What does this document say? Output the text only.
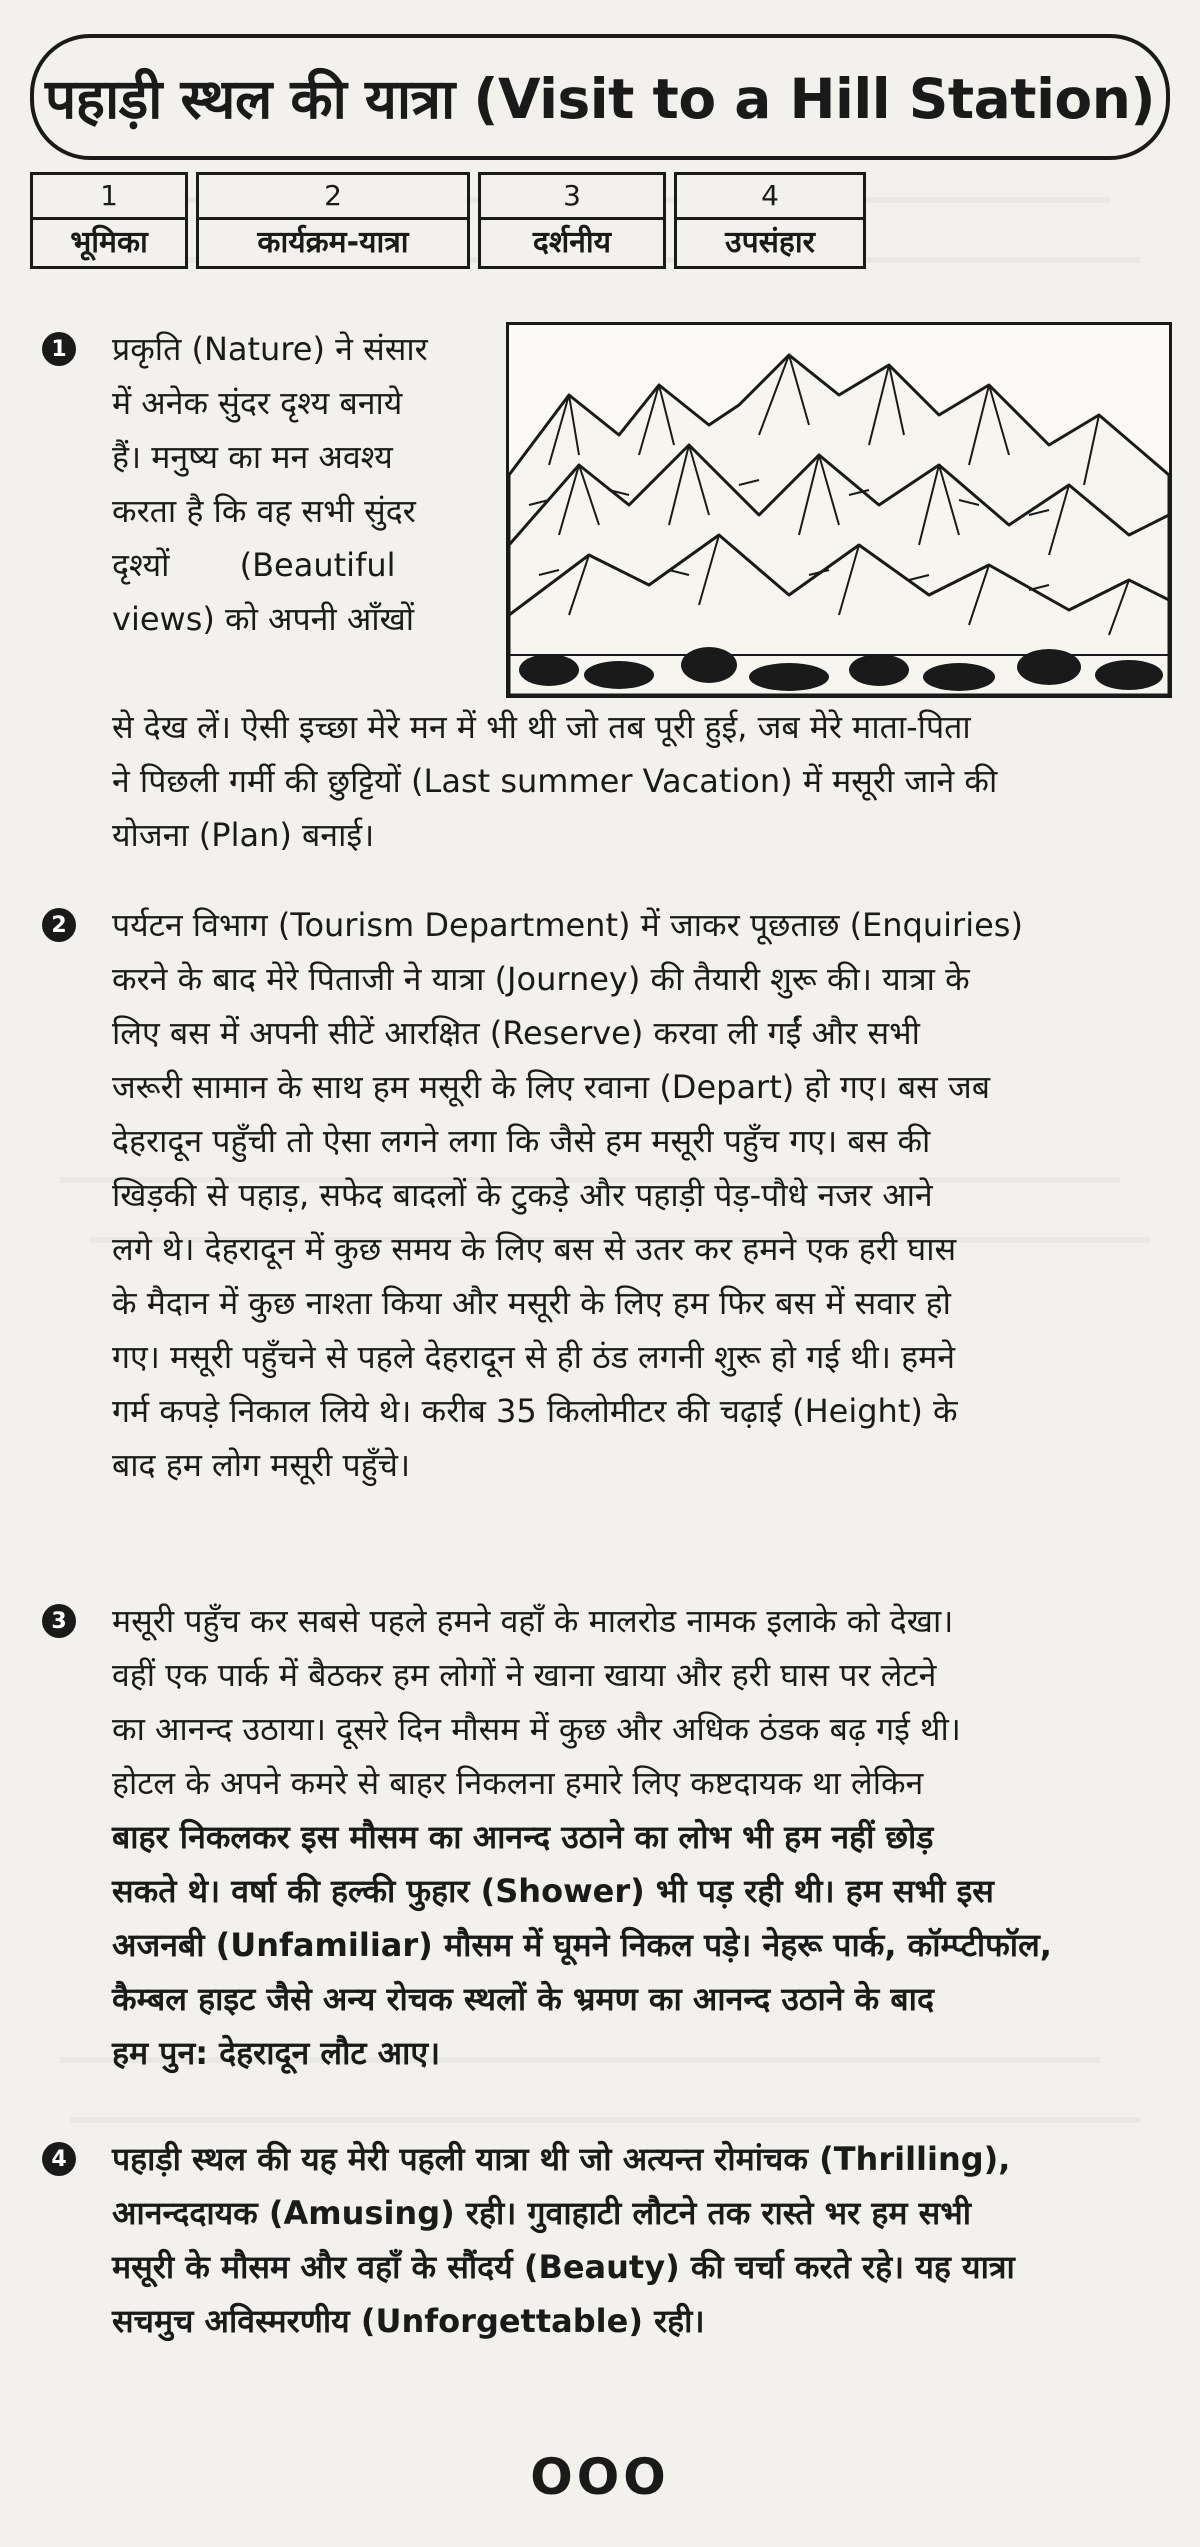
पहाड़ी स्थल की यात्रा (Visit to a Hill Station)
1
भूमिका
2
कार्यक्रम-यात्रा
3
दर्शनीय
4
उपसंहार
1 प्रकृति (Nature) ने संसार

में अनेक सुंदर दृश्य बनाये

हैं। मनुष्य का मन अवश्य

करता है कि वह सभी सुंदर

दृश्यों (Beautiful

views) को अपनी आँखों

से देख लें। ऐसी इच्छा मेरे मन में भी थी जो तब पूरी हुई, जब मेरे माता-पिता

ने पिछली गर्मी की छुट्टियों (Last summer Vacation) में मसूरी जाने की

योजना (Plan) बनाई।

2 पर्यटन विभाग (Tourism Department) में जाकर पूछताछ (Enquiries)

करने के बाद मेरे पिताजी ने यात्रा (Journey) की तैयारी शुरू की। यात्रा के

लिए बस में अपनी सीटें आरक्षित (Reserve) करवा ली गईं और सभी

जरूरी सामान के साथ हम मसूरी के लिए रवाना (Depart) हो गए। बस जब

देहरादून पहुँची तो ऐसा लगने लगा कि जैसे हम मसूरी पहुँच गए। बस की

खिड़की से पहाड़, सफेद बादलों के टुकड़े और पहाड़ी पेड़-पौधे नजर आने

लगे थे। देहरादून में कुछ समय के लिए बस से उतर कर हमने एक हरी घास

के मैदान में कुछ नाश्ता किया और मसूरी के लिए हम फिर बस में सवार हो

गए। मसूरी पहुँचने से पहले देहरादून से ही ठंड लगनी शुरू हो गई थी। हमने

गर्म कपड़े निकाल लिये थे। करीब 35 किलोमीटर की चढ़ाई (Height) के

बाद हम लोग मसूरी पहुँचे।

3 मसूरी पहुँच कर सबसे पहले हमने वहाँ के मालरोड नामक इलाके को देखा।

वहीं एक पार्क में बैठकर हम लोगों ने खाना खाया और हरी घास पर लेटने

का आनन्द उठाया। दूसरे दिन मौसम में कुछ और अधिक ठंडक बढ़ गई थी।

होटल के अपने कमरे से बाहर निकलना हमारे लिए कष्टदायक था लेकिन

बाहर निकलकर इस मौसम का आनन्द उठाने का लोभ भी हम नहीं छोड़

सकते थे। वर्षा की हल्की फुहार (Shower) भी पड़ रही थी। हम सभी इस

अजनबी (Unfamiliar) मौसम में घूमने निकल पड़े। नेहरू पार्क, कॉम्प्टीफॉल,

कैम्बल हाइट जैसे अन्य रोचक स्थलों के भ्रमण का आनन्द उठाने के बाद

हम पुन: देहरादून लौट आए।

4 पहाड़ी स्थल की यह मेरी पहली यात्रा थी जो अत्यन्त रोमांचक (Thrilling),

आनन्ददायक (Amusing) रही। गुवाहाटी लौटने तक रास्ते भर हम सभी

मसूरी के मौसम और वहाँ के सौंदर्य (Beauty) की चर्चा करते रहे। यह यात्रा

सचमुच अविस्मरणीय (Unforgettable) रही।

OOO
